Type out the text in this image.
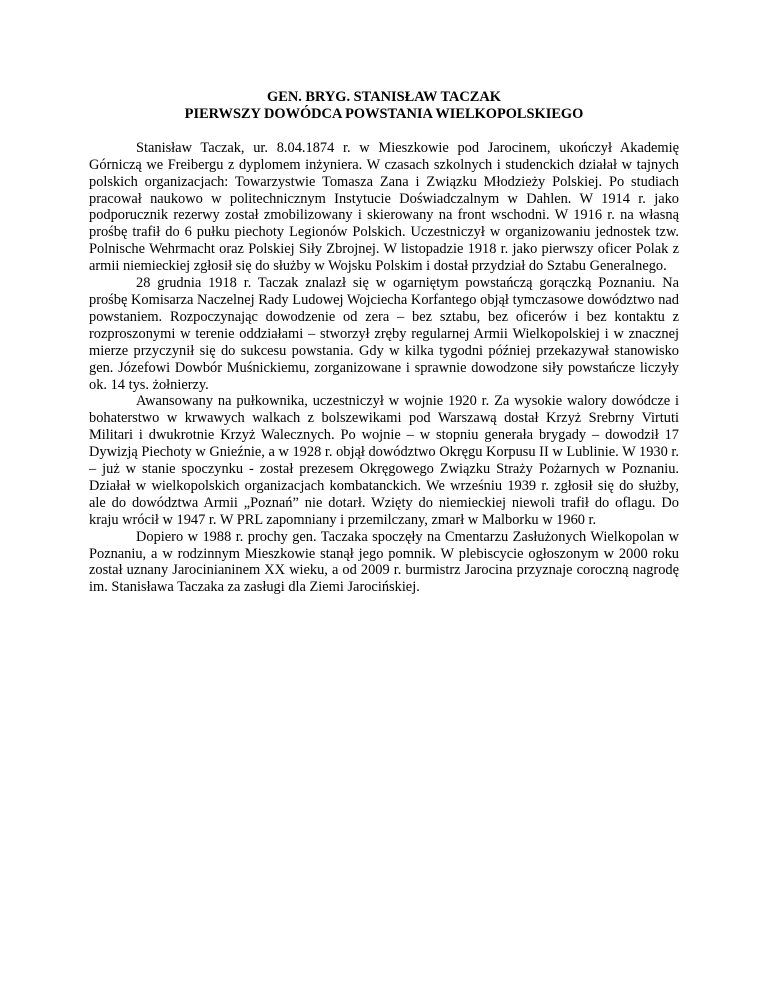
GEN. BRYG. STANISŁAW TACZAK
PIERWSZY DOWÓDCA POWSTANIA WIELKOPOLSKIEGO

Stanisław Taczak, ur. 8.04.1874 r. w Mieszkowie pod Jarocinem, ukończył Akademię Górniczą we Freibergu z dyplomem inżyniera. W czasach szkolnych i studenckich działał w tajnych polskich organizacjach: Towarzystwie Tomasza Zana i Związku Młodzieży Polskiej. Po studiach pracował naukowo w politechnicznym Instytucie Doświadczalnym w Dahlen. W 1914 r. jako podporucznik rezerwy został zmobilizowany i skierowany na front wschodni. W 1916 r. na własną prośbę trafił do 6 pułku piechoty Legionów Polskich. Uczestniczył w organizowaniu jednostek tzw. Polnische Wehrmacht oraz Polskiej Siły Zbrojnej. W listopadzie 1918 r. jako pierwszy oficer Polak z armii niemieckiej zgłosił się do służby w Wojsku Polskim i dostał przydział do Sztabu Generalnego.

28 grudnia 1918 r. Taczak znalazł się w ogarniętym powstańczą gorączką Poznaniu. Na prośbę Komisarza Naczelnej Rady Ludowej Wojciecha Korfantego objął tymczasowe dowództwo nad powstaniem. Rozpoczynając dowodzenie od zera – bez sztabu, bez oficerów i bez kontaktu z rozproszonymi w terenie oddziałami – stworzył zręby regularnej Armii Wielkopolskiej i w znacznej mierze przyczynił się do sukcesu powstania. Gdy w kilka tygodni później przekazywał stanowisko gen. Józefowi Dowbór Muśnickiemu, zorganizowane i sprawnie dowodzone siły powstańcze liczyły ok. 14 tys. żołnierzy.

Awansowany na pułkownika, uczestniczył w wojnie 1920 r. Za wysokie walory dowódcze i bohaterstwo w krwawych walkach z bolszewikami pod Warszawą dostał Krzyż Srebrny Virtuti Militari i dwukrotnie Krzyż Walecznych. Po wojnie – w stopniu generała brygady – dowodził 17 Dywizją Piechoty w Gnieźnie, a w 1928 r. objął dowództwo Okręgu Korpusu II w Lublinie. W 1930 r. – już w stanie spoczynku - został prezesem Okręgowego Związku Straży Pożarnych w Poznaniu. Działał w wielkopolskich organizacjach kombatanckich. We wrześniu 1939 r. zgłosił się do służby, ale do dowództwa Armii „Poznań” nie dotarł. Wzięty do niemieckiej niewoli trafił do oflagu. Do kraju wrócił w 1947 r. W PRL zapomniany i przemilczany, zmarł w Malborku w 1960 r.

Dopiero w 1988 r. prochy gen. Taczaka spoczęły na Cmentarzu Zasłużonych Wielkopolan w Poznaniu, a w rodzinnym Mieszkowie stanął jego pomnik. W plebiscycie ogłoszonym w 2000 roku został uznany Jarocinianinem XX wieku, a od 2009 r. burmistrz Jarocina przyznaje coroczną nagrodę im. Stanisława Taczaka za zasługi dla Ziemi Jarocińskiej.
